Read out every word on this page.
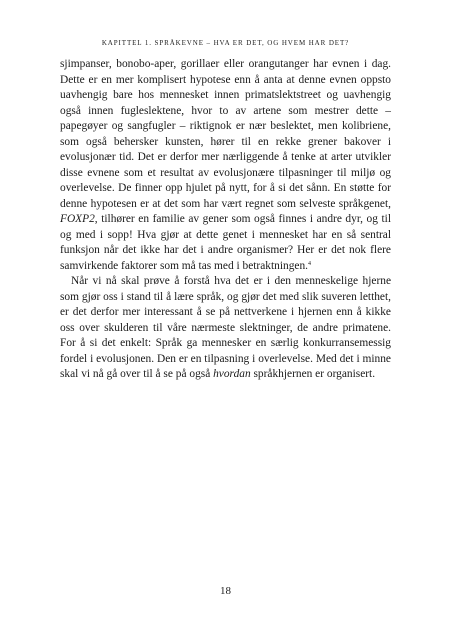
KAPITTEL 1. SPRÅKEVNE – HVA ER DET, OG HVEM HAR DET?

sjimpanser, bonobo-aper, gorillaer eller orangutanger har evnen i dag. Dette er en mer komplisert hypotese enn å anta at denne evnen oppsto uavhengig bare hos mennesket innen primatslektstreet og uavhengig også innen fugleslektene, hvor to av artene som mestrer dette – papegøyer og sangfugler – riktignok er nær beslektet, men kolibriene, som også behersker kunsten, hører til en rekke grener bakover i evolusjonær tid. Det er derfor mer nærliggende å tenke at arter utvikler disse evnene som et resultat av evolusjonære tilpasninger til miljø og overlevelse. De finner opp hjulet på nytt, for å si det sånn. En støtte for denne hypotesen er at det som har vært regnet som selveste språkgenet, FOXP2, tilhører en familie av gener som også finnes i andre dyr, og til og med i sopp! Hva gjør at dette genet i mennesket har en så sentral funksjon når det ikke har det i andre organismer? Her er det nok flere samvirkende faktorer som må tas med i betraktningen.$^4$

Når vi nå skal prøve å forstå hva det er i den menneskelige hjerne som gjør oss i stand til å lære språk, og gjør det med slik suveren letthet, er det derfor mer interessant å se på nettverkene i hjernen enn å kikke oss over skulderen til våre nærmeste slektninger, de andre primatene. For å si det enkelt: Språk ga mennesker en særlig konkurransemessig fordel i evolusjonen. Den er en tilpasning i overlevelse. Med det i minne skal vi nå gå over til å se på også hvordan språkhjernen er organisert.

18
